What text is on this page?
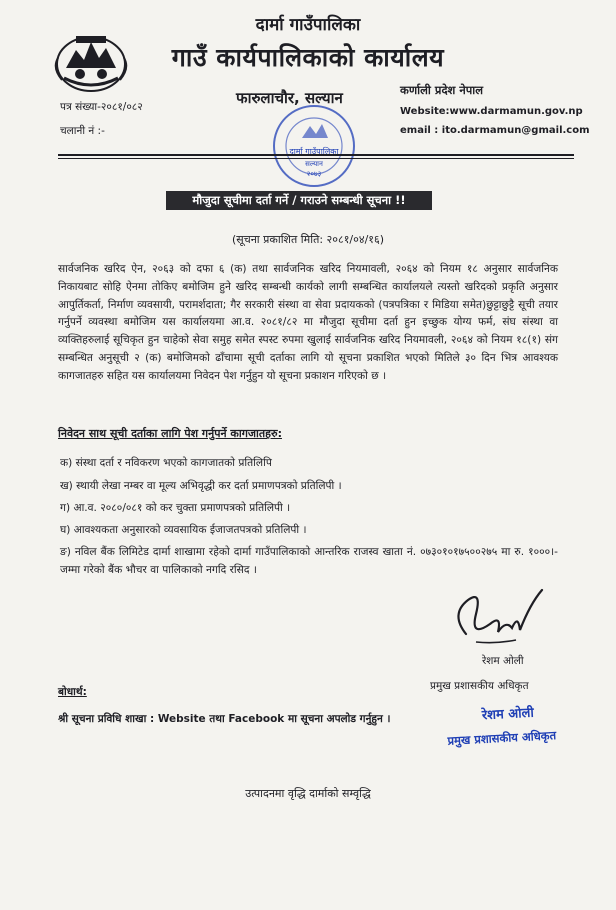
दार्मा गाउँपालिका
गाउँ कार्यपालिकाको कार्यालय
फारुलाचौर, सल्यान	कर्णाली प्रदेश नेपाल
Website:www.darmamun.gov.np
email : ito.darmamun@gmail.com
पत्र संख्या-२०८१/०८२
चलानी नं :-
दार्मा गाउँपालिका
सल्यान
२०७३
मौजुदा सूचीमा दर्ता गर्ने / गराउने सम्बन्धी सूचना !!
(सूचना प्रकाशित मिति: २०८१/०४/१६)
सार्वजनिक खरिद ऐन, २०६३ को दफा ६ (क) तथा सार्वजनिक खरिद नियमावली, २०६४ को नियम १८ अनुसार सार्वजनिक निकायबाट सोहि ऐनमा तोकिए बमोजिम हुने खरिद सम्बन्धी कार्यको लागी सम्बन्धित कार्यालयले त्यस्तो खरिदको प्रकृति अनुसार आपुर्तिकर्ता, निर्माण व्यवसायी, परामर्शदाता; गैर सरकारी संस्था वा सेवा प्रदायकको (पत्रपत्रिका र मिडिया समेत)छुट्टाछुट्टै सूची तयार गर्नुपर्ने व्यवस्था बमोजिम यस कार्यालयमा आ.व. २०८१/८२ मा मौजुदा सूचीमा दर्ता हुन इच्छुक योग्य फर्म, संघ संस्था वा व्यक्तिहरुलाई सूचिकृत हुन चाहेको सेवा समुह समेत स्पस्ट रुपमा खुलाई सार्वजनिक खरिद नियमावली, २०६४ को नियम १८(१) संग सम्बन्धित अनुसूची २ (क) बमोजिमको ढाँचामा सूची दर्ताका लागि यो सूचना प्रकाशित भएको मितिले ३० दिन भित्र आवश्यक कागजातहरु सहित यस कार्यालयमा निवेदन पेश गर्नुहुन यो सूचना प्रकाशन गरिएको छ ।
निवेदन साथ सूची दर्ताका लागि पेश गर्नुपर्ने कागजातहरु:
क) संस्था दर्ता र नविकरण भएको कागजातको प्रतिलिपि
ख) स्थायी लेखा नम्बर वा मूल्य अभिवृद्धी कर दर्ता प्रमाणपत्रको प्रतिलिपी ।
ग) आ.व. २०८०/०८१ को कर चुक्ता प्रमाणपत्रको प्रतिलिपी ।
घ) आवश्यकता अनुसारको व्यवसायिक ईजाजतपत्रको प्रतिलिपी ।
ङ) नविल बैंक लिमिटेड दार्मा शाखामा रहेको दार्मा गाउँपालिकाको आन्तरिक राजस्व खाता नं. ०७३०१०१७५००२७५ मा रु. १०००।- जम्मा गरेको बैंक भौचर वा पालिकाको नगदि रसिद ।
रेशम ओली
प्रमुख प्रशासकीय अधिकृत
रेशम ओली
प्रमुख प्रशासकीय अधिकृत
बोधार्थ:
श्री सूचना प्रविधि शाखा : Website तथा Facebook मा सूचना अपलोड गर्नुहुन ।
उत्पादनमा वृद्धि दार्माको सम्वृद्धि
